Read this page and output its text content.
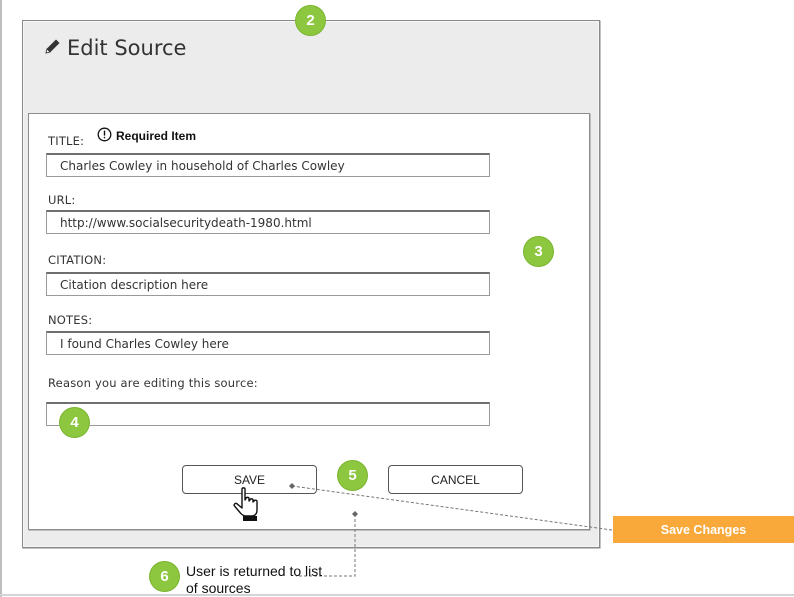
Edit Source
TITLE:	Required Item
Charles Cowley in household of Charles Cowley
URL:
http://www.socialsecuritydeath-1980.html
CITATION:
Citation description here
NOTES:
I found Charles Cowley here
Reason you are editing this source:
SAVE	CANCEL
Save Changes
User is returned to list of sources
2
3
4
5
6
